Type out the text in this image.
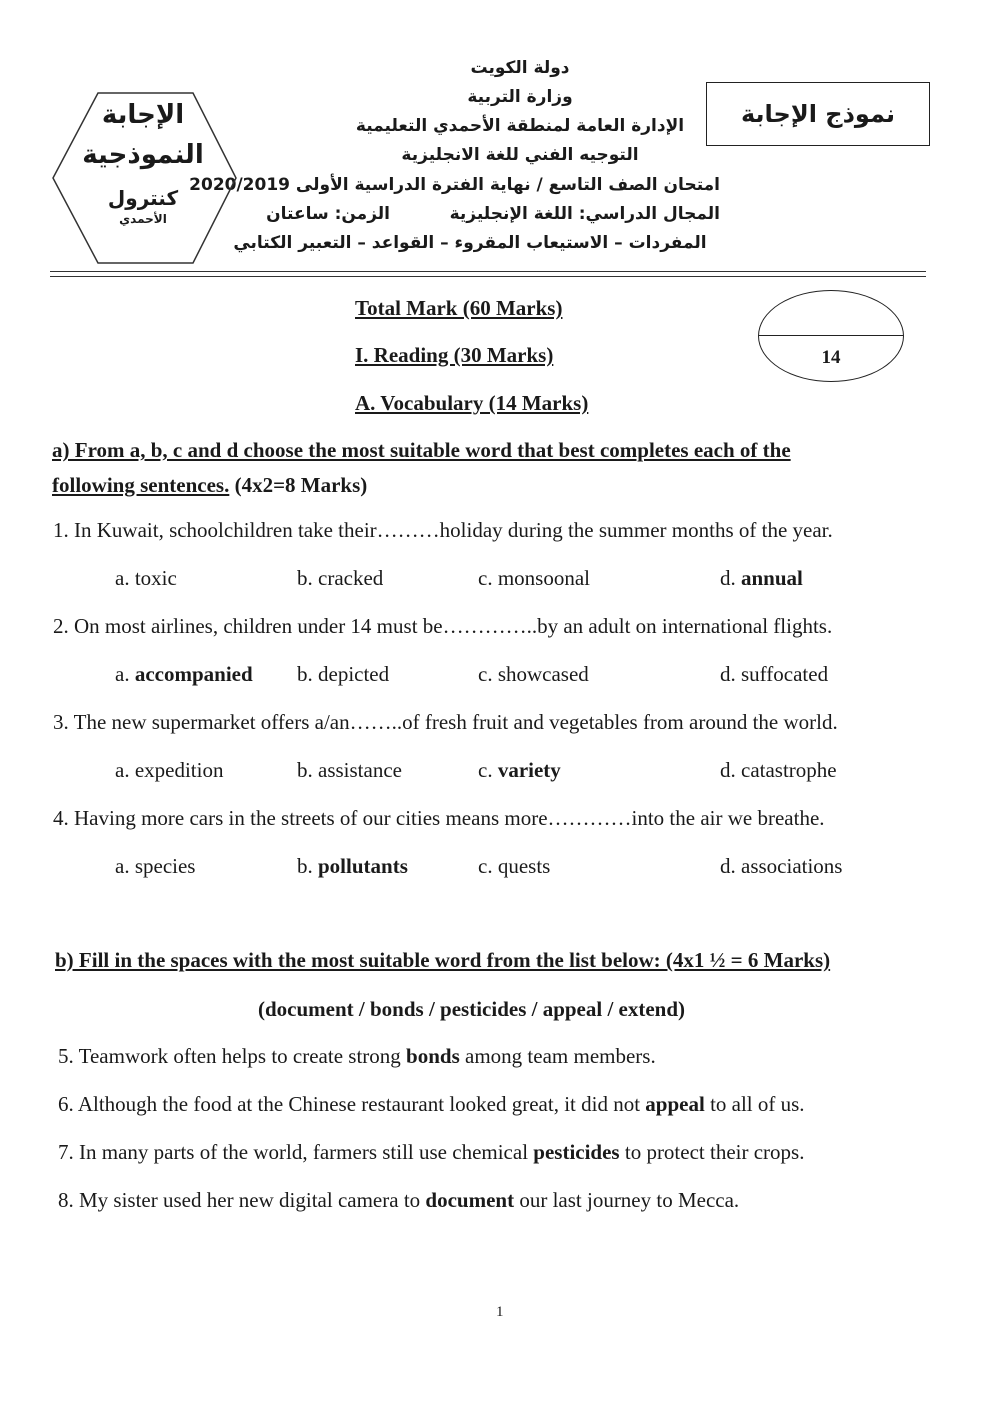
دولة الكويت
وزارة التربية
الإدارة العامة لمنطقة الأحمدي التعليمية
التوجيه الفني للغة الانجليزية
امتحان الصف التاسع / نهاية الفترة الدراسية الأولى 2020/2019
المجال الدراسي: اللغة الإنجليزية
الزمن: ساعتان
المفردات – الاستيعاب المقروء – القواعد – التعبير الكتابي
نموذج الإجابة
الإجابة
النموذجية
كنترول
الأحمدي
Total Mark (60 Marks)
I. Reading (30 Marks)
A. Vocabulary (14 Marks)
14
a) From a, b, c and d choose the most suitable word that best completes each of the
following sentences. (4x2=8 Marks)
1. In Kuwait, schoolchildren take their………holiday during the summer months of the year.
a. toxic	b. cracked	c. monsoonal	d. annual
2. On most airlines, children under 14 must be…………..by an adult on international flights.
a. accompanied b. depicted	c. showcased	d. suffocated
3. The new supermarket offers a/an……..of fresh fruit and vegetables from around the world.
a. expedition	b. assistance	c. variety	d. catastrophe
4. Having more cars in the streets of our cities means more…………into the air we breathe.
a. species	b. pollutants	c. quests	d. associations
b) Fill in the spaces with the most suitable word from the list below: (4x1 ½ = 6 Marks)
(document / bonds / pesticides / appeal / extend)
5. Teamwork often helps to create strong bonds among team members.
6. Although the food at the Chinese restaurant looked great, it did not appeal to all of us.
7. In many parts of the world, farmers still use chemical pesticides to protect their crops.
8. My sister used her new digital camera to document our last journey to Mecca.
1
